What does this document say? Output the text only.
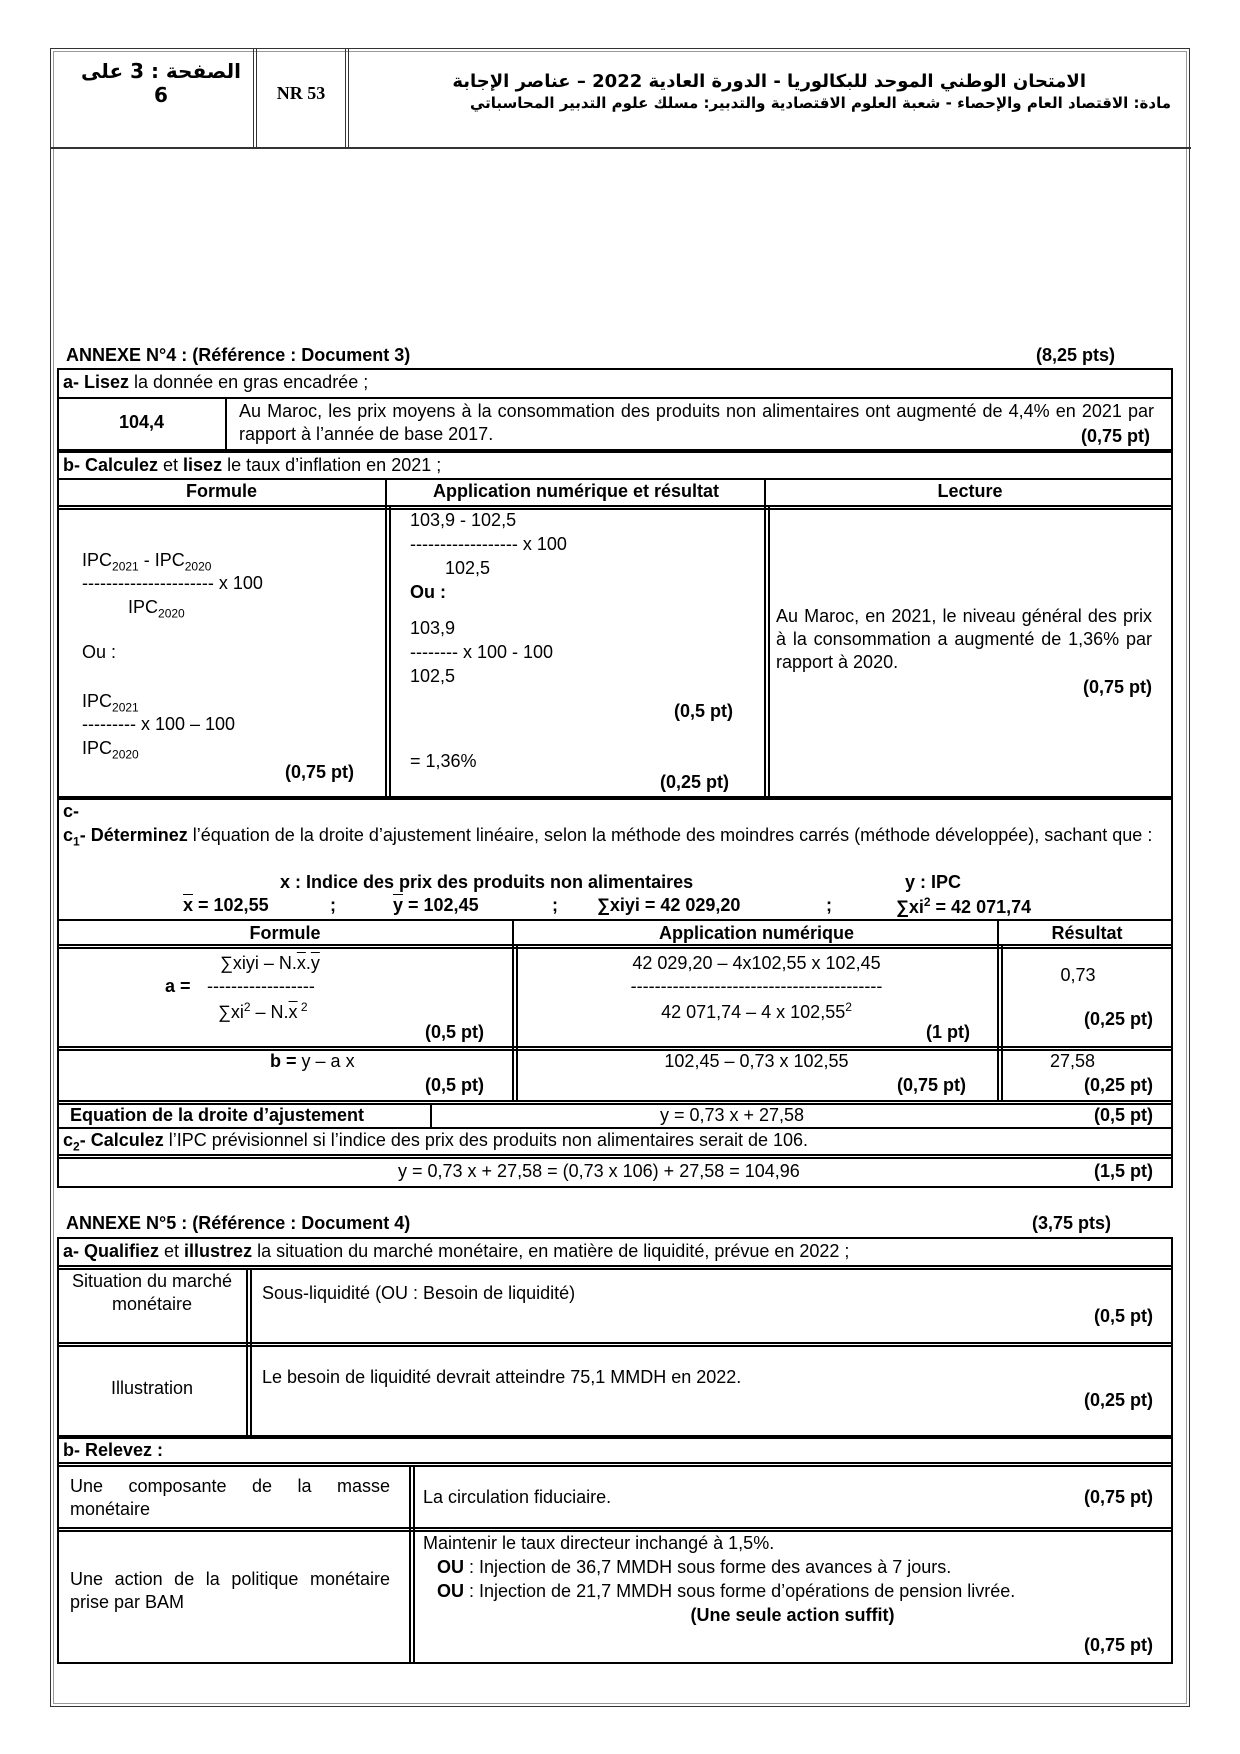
الصفحة : 3 على 6	NR 53
الامتحان الوطني الموحد للبكالوريا - الدورة العادية 2022 – عناصر الإجابة
مادة: الاقتصاد العام والإحصاء - شعبة العلوم الاقتصادية والتدبير: مسلك علوم التدبير المحاسباتي
ANNEXE N°4 : (Référence : Document 3)	(8,25 pts)
a- Lisez la donnée en gras encadrée ;
104,4
Au Maroc, les prix moyens à la consommation des produits non alimentaires ont augmenté de 4,4% en 2021 par rapport à l’année de base 2017.	(0,75 pt)
b- Calculez et lisez le taux d’inflation en 2021 ;
Formule	Application numérique et résultat	Lecture
$IPC_{2021} - IPC_{2020}$
---------------------- x 100
$IPC_{2020}$
Ou :
$IPC_{2021}$
--------- x 100 – 100
$IPC_{2020}$
(0,75 pt)
103,9 - 102,5
------------------ x 100
102,5
Ou :
103,9
-------- x 100 - 100
102,5
(0,5 pt)
= 1,36%
(0,25 pt)
Au Maroc, en 2021, le niveau général des prix à la consommation a augmenté de 1,36% par rapport à 2020.
(0,75 pt)
c-
$c_1-$ Déterminez l’équation de la droite d’ajustement linéaire, selon la méthode des moindres carrés (méthode développée), sachant que :
x : Indice des prix des produits non alimentaires	y : IPC
$\overline{x} = 102,55$	;	$\overline{y} = 102,45$	; ∑xiyi = 42 029,20	;	$\sum xi^2 = 42$ 071,74
Formule	Application numérique	Résultat
∑xiyi – $N.\overline{x}.\overline{y}$
a = ------------------
$\sum xi^2 - N.\overline{x}$ $^2$
(0,5 pt)
42 029,20 – 4x102,55 x 102,45
------------------------------------------
42 071,74 – 4 x 102,55$^2$
(1 pt)
0,73
(0,25 pt)
$b = \overline{y} - a$ $\overline{x}$
(0,5 pt)
102,45 – 0,73 x 102,55
(0,75 pt)
27,58
(0,25 pt)
Equation de la droite d’ajustement	y = 0,73 x + 27,58	(0,5 pt)
$c_2-$ Calculez l’IPC prévisionnel si l’indice des prix des produits non alimentaires serait de 106.
y = 0,73 x + 27,58 = (0,73 x 106) + 27,58 = 104,96	(1,5 pt)
ANNEXE N°5 : (Référence : Document 4)	(3,75 pts)
a- Qualifiez et illustrez la situation du marché monétaire, en matière de liquidité, prévue en 2022 ;
Situation du marché monétaire
Sous-liquidité (OU : Besoin de liquidité)
(0,5 pt)
Illustration
Le besoin de liquidité devrait atteindre 75,1 MMDH en 2022.
(0,25 pt)
b- Relevez :
Une composante de la masse monétaire
La circulation fiduciaire.	(0,75 pt)
Une action de la politique monétaire prise par BAM
Maintenir le taux directeur inchangé à 1,5%.
OU : Injection de 36,7 MMDH sous forme des avances à 7 jours.
OU : Injection de 21,7 MMDH sous forme d’opérations de pension livrée.
(Une seule action suffit)
(0,75 pt)
